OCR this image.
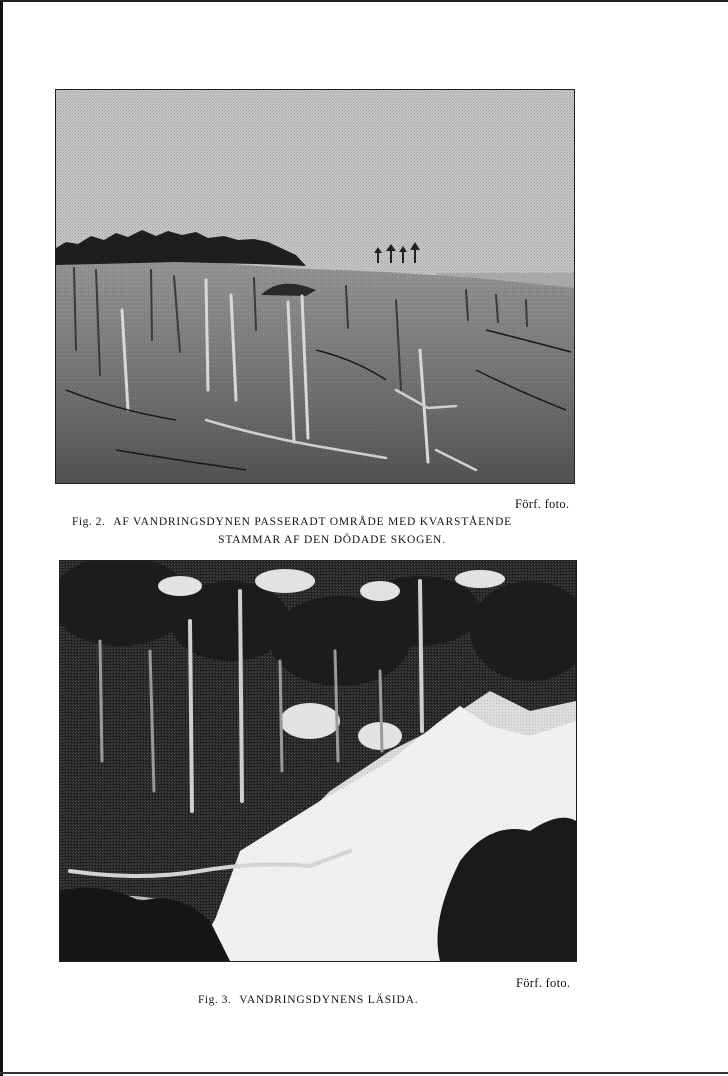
Förf. foto.
Fig. 2. AF VANDRINGSDYNEN PASSERADT OMRÅDE MED KVARSTÅENDE
STAMMAR AF DEN DÖDADE SKOGEN.
Förf. foto.
Fig. 3. VANDRINGSDYNENS LÄSIDA.
